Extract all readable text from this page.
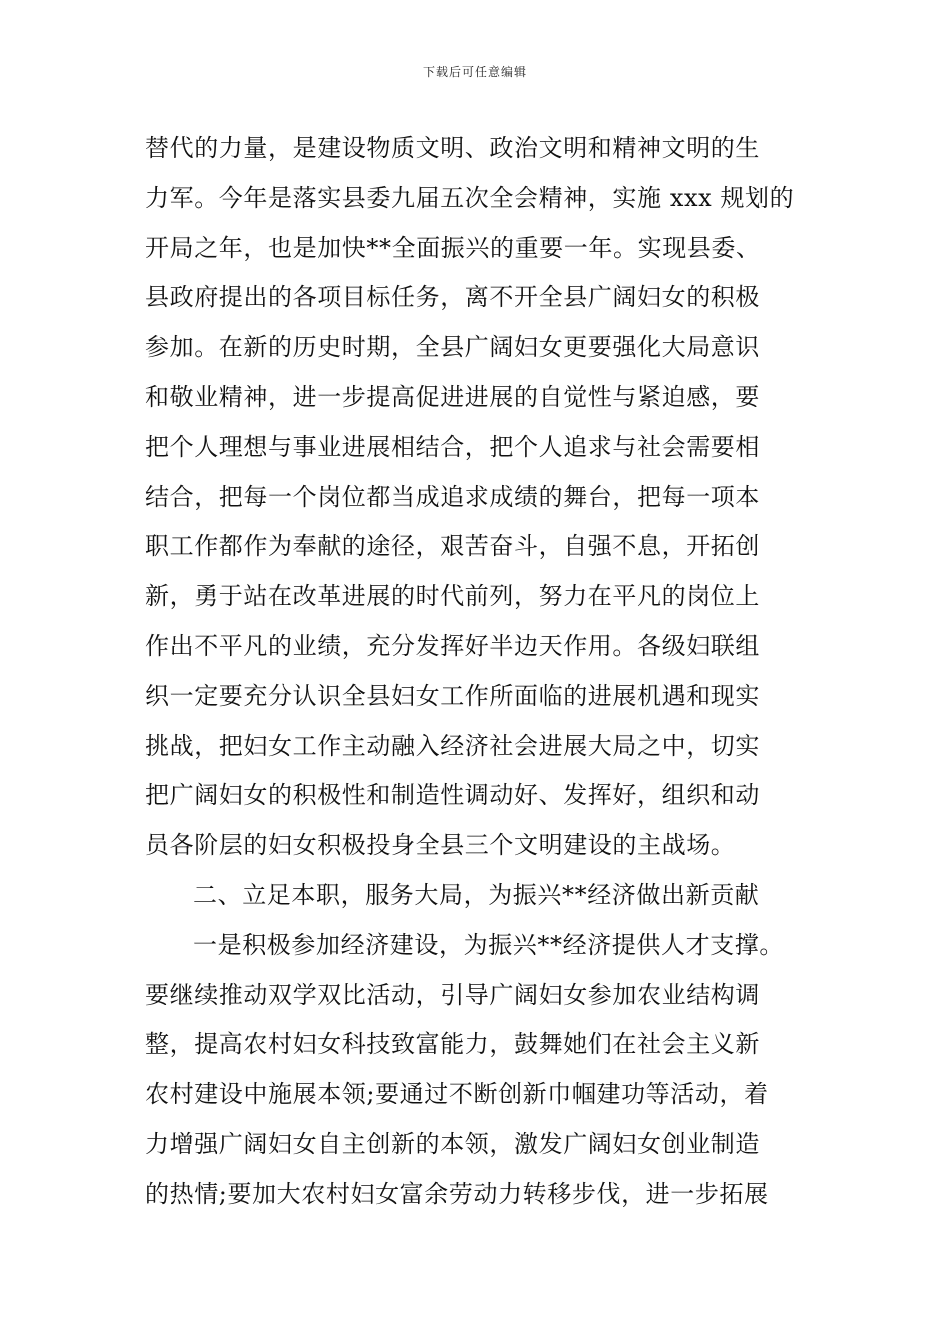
下载后可任意编辑
替代的力量，是建设物质文明、政治文明和精神文明的生
力军。今年是落实县委九届五次全会精神，实施 xxx 规划的
开局之年，也是加快**全面振兴的重要一年。实现县委、
县政府提出的各项目标任务，离不开全县广阔妇女的积极
参加。在新的历史时期，全县广阔妇女更要强化大局意识
和敬业精神，进一步提高促进进展的自觉性与紧迫感，要
把个人理想与事业进展相结合，把个人追求与社会需要相
结合，把每一个岗位都当成追求成绩的舞台，把每一项本
职工作都作为奉献的途径，艰苦奋斗，自强不息，开拓创
新，勇于站在改革进展的时代前列，努力在平凡的岗位上
作出不平凡的业绩，充分发挥好半边天作用。各级妇联组
织一定要充分认识全县妇女工作所面临的进展机遇和现实
挑战，把妇女工作主动融入经济社会进展大局之中，切实
把广阔妇女的积极性和制造性调动好、发挥好，组织和动
员各阶层的妇女积极投身全县三个文明建设的主战场。
二、立足本职，服务大局，为振兴**经济做出新贡献
一是积极参加经济建设，为振兴**经济提供人才支撑。
要继续推动双学双比活动，引导广阔妇女参加农业结构调
整，提高农村妇女科技致富能力，鼓舞她们在社会主义新
农村建设中施展本领;要通过不断创新巾帼建功等活动，着
力增强广阔妇女自主创新的本领，激发广阔妇女创业制造
的热情;要加大农村妇女富余劳动力转移步伐，进一步拓展
